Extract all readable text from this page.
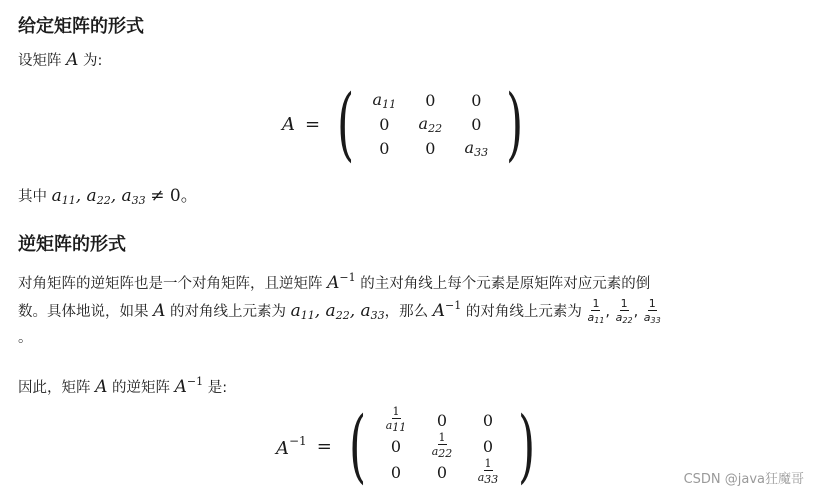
给定矩阵的形式
设矩阵 A 为:
A = ( $a_{11}$ 0 0
0 $a_{22}$ 0
0 0 $a_{33}$ )
其中 $a_{11}$, $a_{22}$, $a_{33} \ne 0$。
逆矩阵的形式
对角矩阵的逆矩阵也是一个对角矩阵，且逆矩阵 $A^{-1}$ 的主对角线上每个元素是原矩阵对应元素的倒
数。具体地说，如果 A 的对角线上元素为 $a_{11}$, $a_{22}$, $a_{33}$，那么 $A^{-1}$ 的对角线上元素为 $\frac{1}{a_{11}}$ , $\frac{1}{a_{22}}$ , $\frac{1}{a_{33}}$
。
因此，矩阵 A 的逆矩阵 $A^{-1}$ 是:
$A^{-1}$ = ( $\frac{1}{a11} 0$ 0
0	$\frac{1}{a22} 0$
0 0	$\frac{1}{a33}$ )	CSDN @java狂魔哥
